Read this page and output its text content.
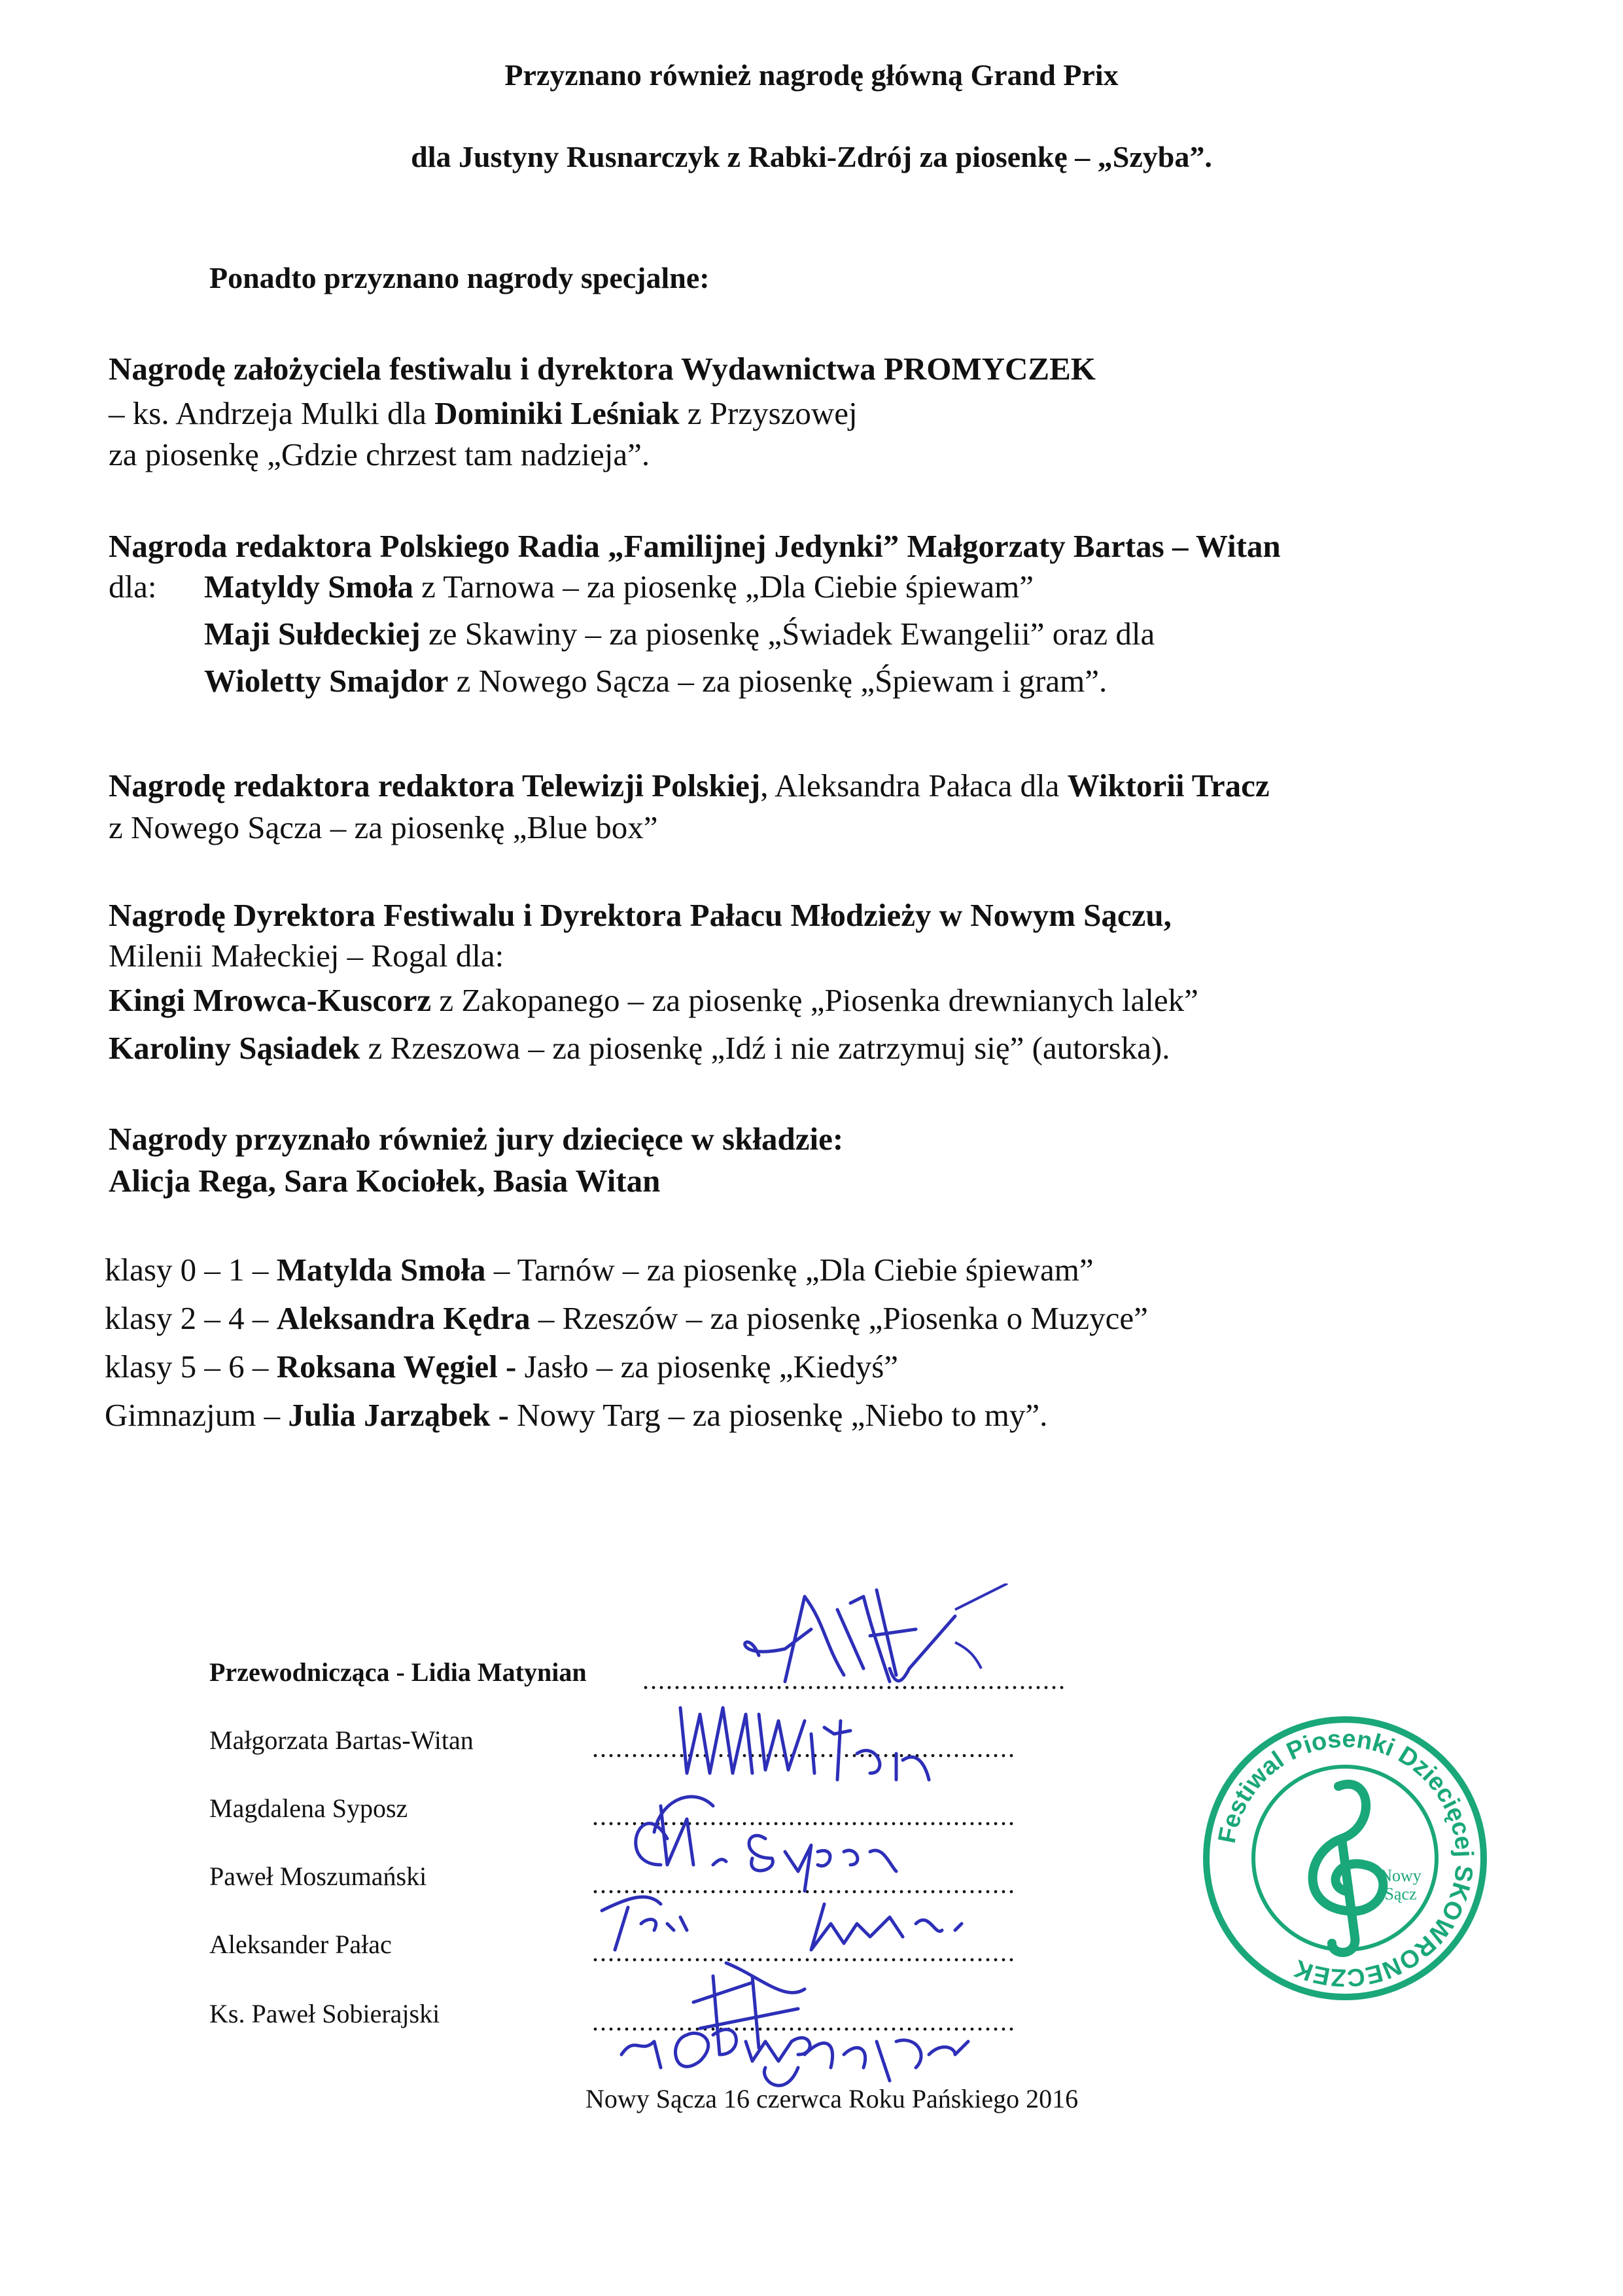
Przyznano również nagrodę główną Grand Prix
dla Justyny Rusnarczyk z Rabki-Zdrój za piosenkę – „Szyba”.
Ponadto przyznano nagrody specjalne:
Nagrodę założyciela festiwalu i dyrektora Wydawnictwa PROMYCZEK
– ks. Andrzeja Mulki dla Dominiki Leśniak z Przyszowej
za piosenkę „Gdzie chrzest tam nadzieja”.
Nagroda redaktora Polskiego Radia „Familijnej Jedynki” Małgorzaty Bartas – Witan
dla: Matyldy Smoła z Tarnowa – za piosenkę „Dla Ciebie śpiewam”
Maji Sułdeckiej ze Skawiny – za piosenkę „Świadek Ewangelii” oraz dla
Wioletty Smajdor z Nowego Sącza – za piosenkę „Śpiewam i gram”.
Nagrodę redaktora redaktora Telewizji Polskiej, Aleksandra Pałaca dla Wiktorii Tracz
z Nowego Sącza – za piosenkę „Blue box”
Nagrodę Dyrektora Festiwalu i Dyrektora Pałacu Młodzieży w Nowym Sączu,
Milenii Małeckiej – Rogal dla:
Kingi Mrowca-Kuscorz z Zakopanego – za piosenkę „Piosenka drewnianych lalek”
Karoliny Sąsiadek z Rzeszowa – za piosenkę „Idź i nie zatrzymuj się” (autorska).
Nagrody przyznało również jury dziecięce w składzie:
Alicja Rega, Sara Kociołek, Basia Witan
klasy 0 – 1 – Matylda Smoła – Tarnów – za piosenkę „Dla Ciebie śpiewam”
klasy 2 – 4 – Aleksandra Kędra – Rzeszów – za piosenkę „Piosenka o Muzyce”
klasy 5 – 6 – Roksana Węgiel - Jasło – za piosenkę „Kiedyś”
Gimnazjum – Julia Jarząbek - Nowy Targ – za piosenkę „Niebo to my”.
Przewodnicząca - Lidia Matynian ......................................................
Małgorzata Bartas-Witan	......................................................
Magdalena Syposz	......................................................
Paweł Moszumański	......................................................
Aleksander Pałac	......................................................
Ks. Paweł Sobierajski	......................................................
Festiwal Piosenki Dziecięcej SKOWRONECZEK
Nowy Sącz
Nowy Sącza 16 czerwca Roku Pańskiego 2016
